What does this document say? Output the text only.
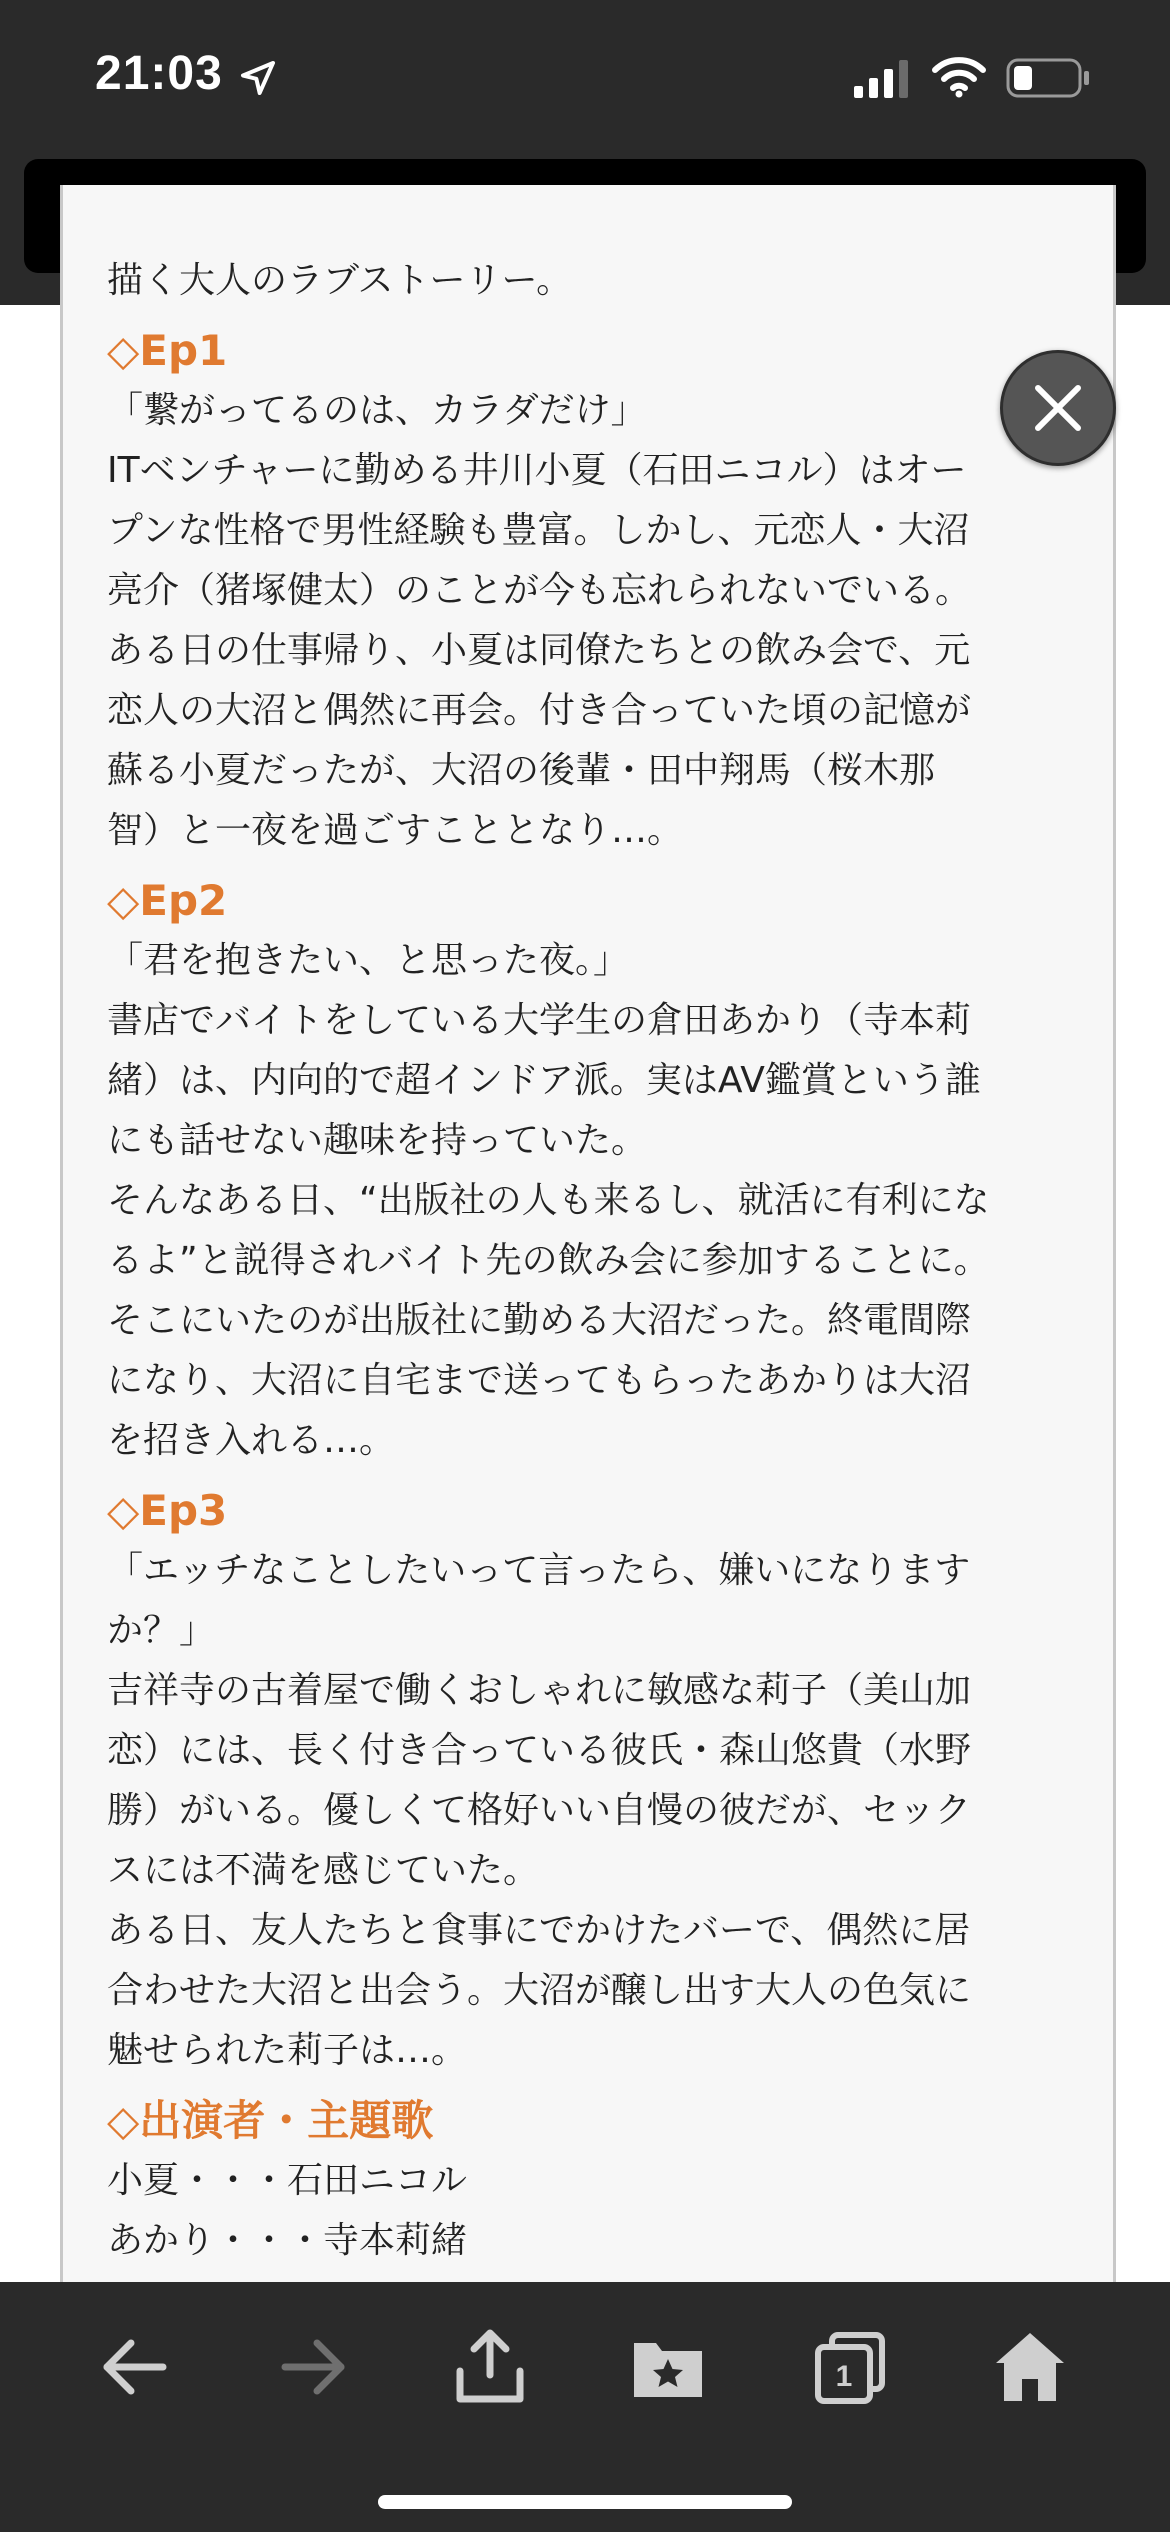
21:03

描く大人のラブストーリー。

◇Ep1

「繋がってるのは、カラダだけ」

ITベンチャーに勤める井川小夏（石田ニコル）はオー
プンな性格で男性経験も豊富。しかし、元恋人・大沼
亮介（猪塚健太）のことが今も忘れられないでいる。
ある日の仕事帰り、小夏は同僚たちとの飲み会で、元
恋人の大沼と偶然に再会。付き合っていた頃の記憶が
蘇る小夏だったが、大沼の後輩・田中翔馬（桜木那
智）と一夜を過ごすこととなり…。

◇Ep2

「君を抱きたい、と思った夜。」

書店でバイトをしている大学生の倉田あかり（寺本莉
緒）は、内向的で超インドア派。実はAV鑑賞という誰
にも話せない趣味を持っていた。

そんなある日、“出版社の人も来るし、就活に有利にな
るよ”と説得されバイト先の飲み会に参加することに。
そこにいたのが出版社に勤める大沼だった。終電間際
になり、大沼に自宅まで送ってもらったあかりは大沼
を招き入れる…。

◇Ep3

「エッチなことしたいって言ったら、嫌いになります
か？」

吉祥寺の古着屋で働くおしゃれに敏感な莉子（美山加
恋）には、長く付き合っている彼氏・森山悠貴（水野
勝）がいる。優しくて格好いい自慢の彼だが、セック
スには不満を感じていた。

ある日、友人たちと食事にでかけたバーで、偶然に居
合わせた大沼と出会う。大沼が醸し出す大人の色気に
魅せられた莉子は…。

◇出演者・主題歌

小夏・・・石田ニコル

あかり・・・寺本莉緒

1
